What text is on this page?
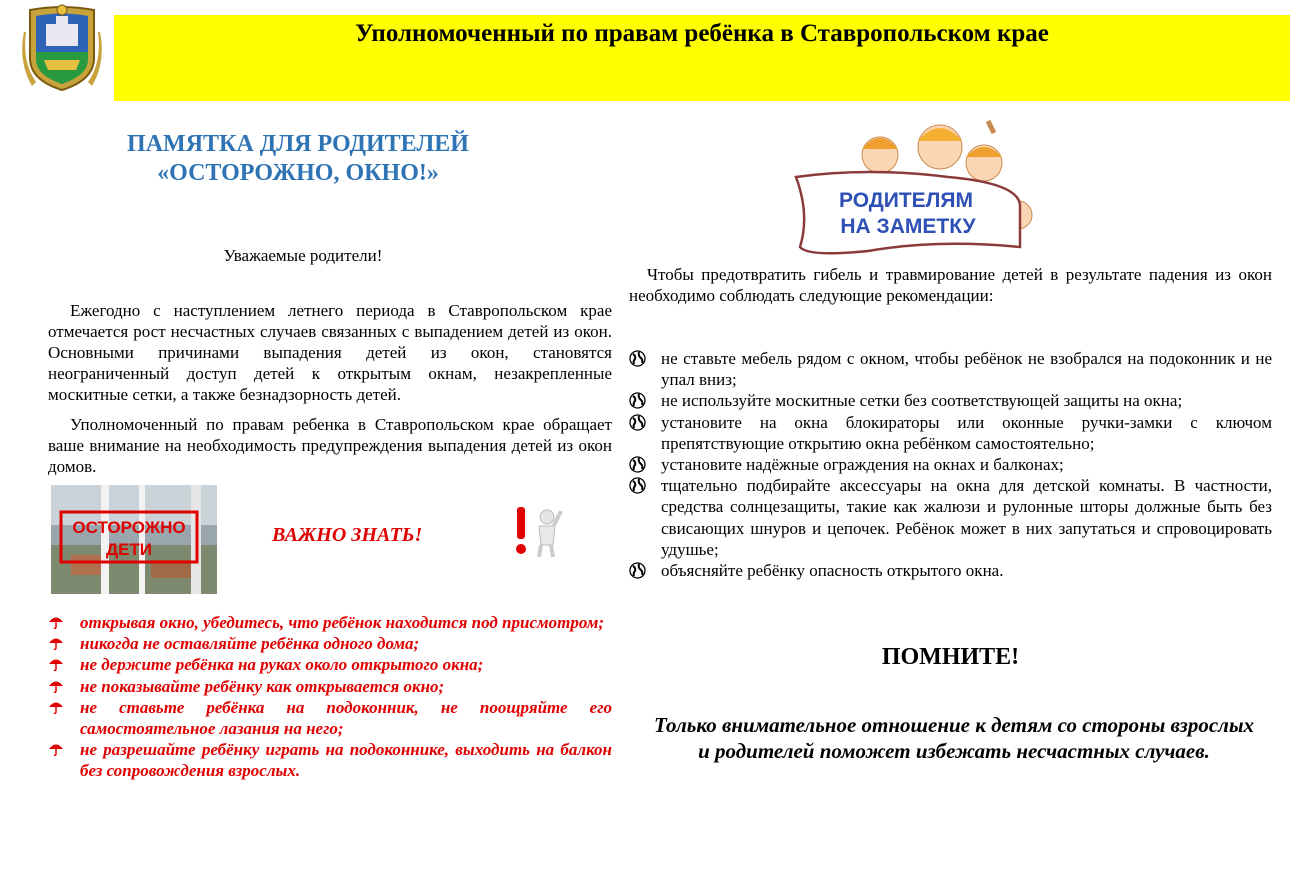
Уполномоченный по правам ребёнка в Ставропольском крае
ПАМЯТКА ДЛЯ РОДИТЕЛЕЙ
«ОСТОРОЖНО, ОКНО!»
Уважаемые родители!

Ежегодно с наступлением летнего периода в Ставропольском крае отмечается рост несчастных случаев связанных с выпадением детей из окон. Основными причинами выпадения детей из окон, становятся неограниченный доступ детей к открытым окнам, незакрепленные москитные сетки, а также безнадзорность детей.

Уполномоченный по правам ребенка в Ставропольском крае обращает ваше внимание на необходимость предупреждения выпадения детей из окон домов.

ОСТОРОЖНО
ДЕТИ
ВАЖНО ЗНАТЬ!
открывая окно, убедитесь, что ребёнок находится под присмотром;
никогда не оставляйте ребёнка одного дома;
не держите ребёнка на руках около открытого окна;
не показывайте ребёнку как открывается окно;
не ставьте ребёнка на подоконник, не поощряйте его самостоятельное лазания на него;
не разрешайте ребёнку играть на подоконнике, выходить на балкон без сопровождения взрослых.
РОДИТЕЛЯМ
НА ЗАМЕТКУ

Чтобы предотвратить гибель и травмирование детей в результате падения из окон необходимо соблюдать следующие рекомендации:

не ставьте мебель рядом с окном, чтобы ребёнок не взобрался на подоконник и не упал вниз;
не используйте москитные сетки без соответствующей защиты на окна;
установите на окна блокираторы или оконные ручки-замки с ключом препятствующие открытию окна ребёнком самостоятельно;
установите надёжные ограждения на окнах и балконах;
тщательно подбирайте аксессуары на окна для детской комнаты. В частности, средства солнцезащиты, такие как жалюзи и рулонные шторы должные быть без свисающих шнуров и цепочек. Ребёнок может в них запутаться и спровоцировать удушье;
объясняйте ребёнку опасность открытого окна.
ПОМНИТЕ!
Только внимательное отношение к детям со стороны взрослых
и родителей поможет избежать несчастных случаев.
